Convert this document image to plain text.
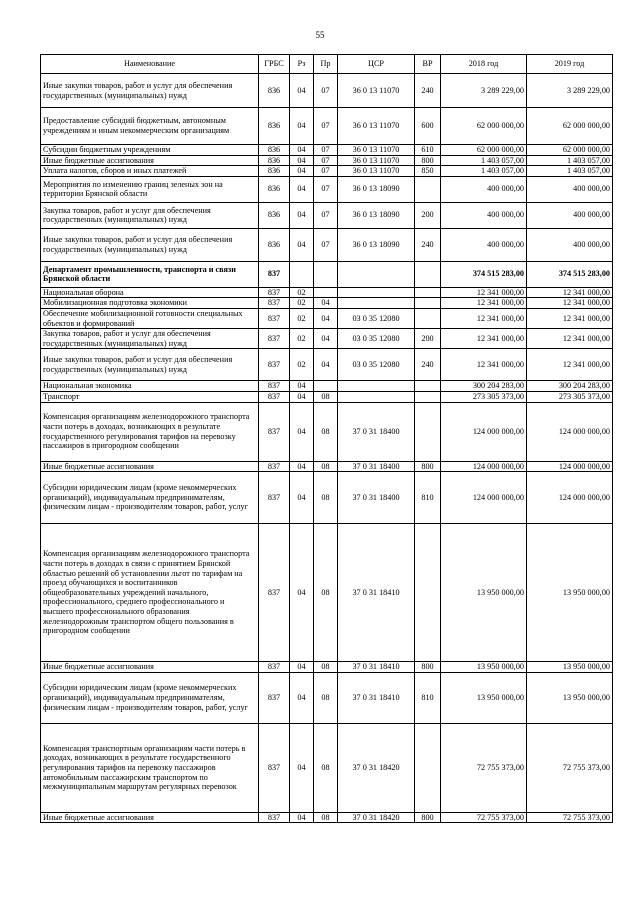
55
Наименование	ГРБС	Рз	Пр	ЦСР	ВР	2018 год	2019 год
Иные закупки товаров, работ и услуг для обеспечения государственных (муниципальных) нужд	836	04	07	36 0 13 11070	240	3 289 229,00	3 289 229,00
Предоставление субсидий бюджетным, автономным учреждениям и иным некоммерческим организациям	836	04	07	36 0 13 11070	600	62 000 000,00	62 000 000,00
Субсидии бюджетным учреждениям	836	04	07	36 0 13 11070	610	62 000 000,00	62 000 000,00
Иные бюджетные ассигнования	836	04	07	36 0 13 11070	800	1 403 057,00	1 403 057,00
Уплата налогов, сборов и иных платежей	836	04	07	36 0 13 11070	850	1 403 057,00	1 403 057,00
Мероприятия по изменению границ зеленых зон на территории Брянской области	836	04	07	36 0 13 18090		400 000,00	400 000,00
Закупка товаров, работ и услуг для обеспечения государственных (муниципальных) нужд	836	04	07	36 0 13 18090	200	400 000,00	400 000,00
Иные закупки товаров, работ и услуг для обеспечения государственных (муниципальных) нужд	836	04	07	36 0 13 18090	240	400 000,00	400 000,00
Департамент промышленности, транспорта и связи Брянской области	837					374 515 283,00	374 515 283,00
Национальная оборона	837	02				12 341 000,00	12 341 000,00
Мобилизационная подготовка экономики	837	02	04			12 341 000,00	12 341 000,00
Обеспечение мобилизационной готовности специальных объектов и формирований	837	02	04	03 0 35 12080		12 341 000,00	12 341 000,00
Закупка товаров, работ и услуг для обеспечения государственных (муниципальных) нужд	837	02	04	03 0 35 12080	200	12 341 000,00	12 341 000,00
Иные закупки товаров, работ и услуг для обеспечения государственных (муниципальных) нужд	837	02	04	03 0 35 12080	240	12 341 000,00	12 341 000,00
Национальная экономика	837	04				300 204 283,00	300 204 283,00
Транспорт	837	04	08			273 305 373,00	273 305 373,00
Компенсация организациям железнодорожного транспорта части потерь в доходах, возникающих в результате государственного регулирования тарифов на перевозку пассажиров в пригородном сообщении	837	04	08	37 0 31 18400		124 000 000,00	124 000 000,00
Иные бюджетные ассигнования	837	04	08	37 0 31 18400	800	124 000 000,00	124 000 000,00
Субсидии юридическим лицам (кроме некоммерческих организаций), индивидуальным предпринимателям, физическим лицам - производителям товаров, работ, услуг	837	04	08	37 0 31 18400	810	124 000 000,00	124 000 000,00
Компенсация организациям железнодорожного транспорта части потерь в доходах в связи с принятием Брянской областью решений об установлении льгот по тарифам на проезд обучающихся и воспитанников общеобразовательных учреждений начального, профессионального, среднего профессионального и высшего профессионального образования железнодорожным транспортом общего пользования в пригородном сообщении	837	04	08	37 0 31 18410		13 950 000,00	13 950 000,00
Иные бюджетные ассигнования	837	04	08	37 0 31 18410	800	13 950 000,00	13 950 000,00
Субсидии юридическим лицам (кроме некоммерческих организаций), индивидуальным предпринимателям, физическим лицам - производителям товаров, работ, услуг	837	04	08	37 0 31 18410	810	13 950 000,00	13 950 000,00
Компенсация транспортным организациям части потерь в доходах, возникающих в результате государственного регулирования тарифов на перевозку пассажиров автомобильным пассажирским транспортом по межмуниципальным маршрутам регулярных перевозок	837	04	08	37 0 31 18420		72 755 373,00	72 755 373,00
Иные бюджетные ассигнования	837	04	08	37 0 31 18420	800	72 755 373,00	72 755 373,00
